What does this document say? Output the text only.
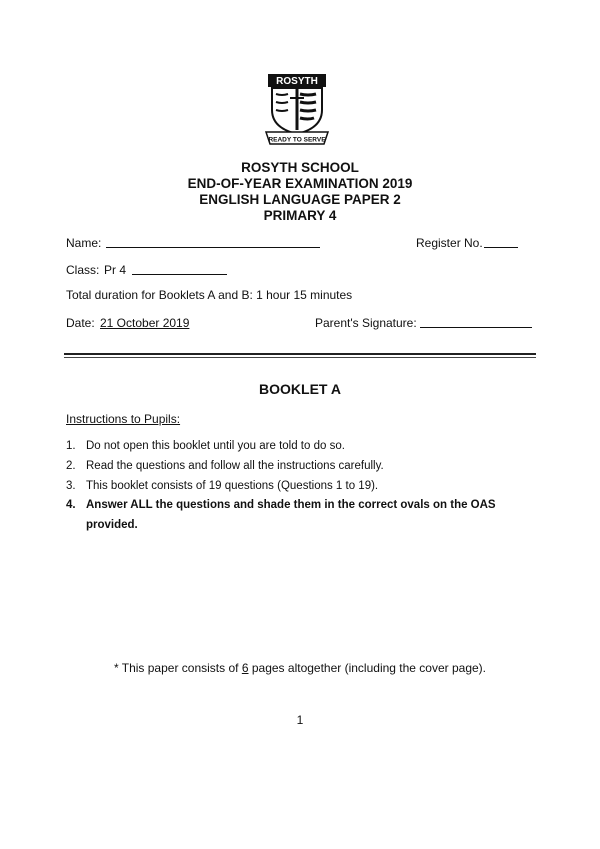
ROSYTH
READY TO SERVE
ROSYTH SCHOOL
END-OF-YEAR EXAMINATION 2019
ENGLISH LANGUAGE PAPER 2
PRIMARY 4
Name:	Register No.
Class: Pr 4
Total duration for Booklets A and B: 1 hour 15 minutes
Date: 21 October 2019	Parent's Signature:
BOOKLET A
Instructions to Pupils:
1. Do not open this booklet until you are told to do so.
2. Read the questions and follow all the instructions carefully.
3. This booklet consists of 19 questions (Questions 1 to 19).
4. Answer ALL the questions and shade them in the correct ovals on the OAS
provided.
* This paper consists of 6 pages altogether (including the cover page).
1
